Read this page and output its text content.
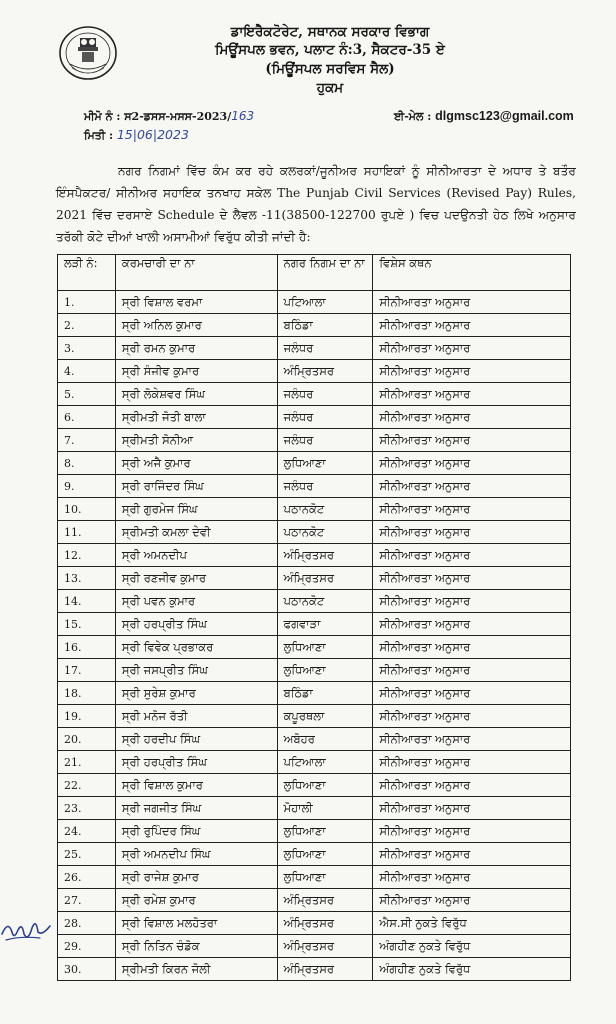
ਡਾਇਰੈਕਟੋਰੇਟ, ਸਥਾਨਕ ਸਰਕਾਰ ਵਿਭਾਗ
ਮਿਊਂਸਪਲ ਭਵਨ, ਪਲਾਟ ਨੰ:3, ਸੈਕਟਰ-35 ਏ
(ਮਿਊਂਸਪਲ ਸਰਵਿਸ ਸੈਲ)
ਹੁਕਮ
ਮੀਮੋ ਨੰ : ਸ2-ਡਸਸ-ਮਸਸ-2023/163
ਮਿਤੀ : 15|06|2023
ਈ-ਮੇਲ : dlgmsc123@gmail.com
ਨਗਰ ਨਿਗਮਾਂ ਵਿੱਚ ਕੰਮ ਕਰ ਰਹੇ ਕਲਰਕਾਂ/ਜੂਨੀਅਰ ਸਹਾਇਕਾਂ ਨੂੰ ਸੀਨੀਆਰਤਾ ਦੇ ਅਧਾਰ ਤੇ ਬਤੌਰ ਇੰਸਪੈਕਟਰ/ ਸੀਨੀਅਰ ਸਹਾਇਕ ਤਨਖਾਹ ਸਕੇਲ The Punjab Civil Services (Revised Pay) Rules, 2021 ਵਿੱਚ ਦਰਸਾਏ Schedule ਦੇ ਲੈਵਲ -11(38500-122700 ਰੁਪਏ ) ਵਿਚ ਪਦਉਨਤੀ ਹੇਠ ਲਿਖੇ ਅਨੁਸਾਰ ਤਰੱਕੀ ਕੋਟੇ ਦੀਆਂ ਖਾਲੀ ਅਸਾਮੀਆਂ ਵਿਰੁੱਧ ਕੀਤੀ ਜਾਂਦੀ ਹੈ:
ਲੜੀ ਨੰ:	ਕਰਮਚਾਰੀ ਦਾ ਨਾ	ਨਗਰ ਨਿਗਮ ਦਾ ਨਾ	ਵਿਸ਼ੇਸ ਕਥਨ
1.	ਸ੍ਰੀ ਵਿਸ਼ਾਲ ਵਰਮਾ	ਪਟਿਆਲਾ	ਸੀਨੀਆਰਤਾ ਅਨੁਸਾਰ
2.	ਸ੍ਰੀ ਅਨਿਲ ਕੁਮਾਰ	ਬਠਿੰਡਾ	ਸੀਨੀਆਰਤਾ ਅਨੁਸਾਰ
3.	ਸ੍ਰੀ ਰਮਨ ਕੁਮਾਰ	ਜਲੰਧਰ	ਸੀਨੀਆਰਤਾ ਅਨੁਸਾਰ
4.	ਸ੍ਰੀ ਸੰਜੀਵ ਕੁਮਾਰ	ਅੰਮ੍ਰਿਤਸਰ	ਸੀਨੀਆਰਤਾ ਅਨੁਸਾਰ
5.	ਸ੍ਰੀ ਲੋਕੇਸ਼ਵਰ ਸਿੰਘ	ਜਲੰਧਰ	ਸੀਨੀਆਰਤਾ ਅਨੁਸਾਰ
6.	ਸ੍ਰੀਮਤੀ ਜੋਤੀ ਬਾਲਾ	ਜਲੰਧਰ	ਸੀਨੀਆਰਤਾ ਅਨੁਸਾਰ
7.	ਸ੍ਰੀਮਤੀ ਸੋਨੀਆ	ਜਲੰਧਰ	ਸੀਨੀਆਰਤਾ ਅਨੁਸਾਰ
8.	ਸ੍ਰੀ ਅਜੈ ਕੁਮਾਰ	ਲੁਧਿਆਣਾ	ਸੀਨੀਆਰਤਾ ਅਨੁਸਾਰ
9.	ਸ੍ਰੀ ਰਾਜਿੰਦਰ ਸਿੰਘ	ਜਲੰਧਰ	ਸੀਨੀਆਰਤਾ ਅਨੁਸਾਰ
10.	ਸ੍ਰੀ ਗੁਰਮੇਜ ਸਿੰਘ	ਪਠਾਨਕੋਟ	ਸੀਨੀਆਰਤਾ ਅਨੁਸਾਰ
11.	ਸ੍ਰੀਮਤੀ ਕਮਲਾ ਦੇਵੀ	ਪਠਾਨਕੋਟ	ਸੀਨੀਆਰਤਾ ਅਨੁਸਾਰ
12.	ਸ੍ਰੀ ਅਮਨਦੀਪ	ਅੰਮ੍ਰਿਤਸਰ	ਸੀਨੀਆਰਤਾ ਅਨੁਸਾਰ
13.	ਸ੍ਰੀ ਰਣਜੀਵ ਕੁਮਾਰ	ਅੰਮ੍ਰਿਤਸਰ	ਸੀਨੀਆਰਤਾ ਅਨੁਸਾਰ
14.	ਸ੍ਰੀ ਪਵਨ ਕੁਮਾਰ	ਪਠਾਨਕੋਟ	ਸੀਨੀਆਰਤਾ ਅਨੁਸਾਰ
15.	ਸ੍ਰੀ ਹਰਪ੍ਰੀਤ ਸਿੰਘ	ਫਗਵਾੜਾ	ਸੀਨੀਆਰਤਾ ਅਨੁਸਾਰ
16.	ਸ੍ਰੀ ਵਿਵੇਕ ਪ੍ਰਭਾਕਰ	ਲੁਧਿਆਣਾ	ਸੀਨੀਆਰਤਾ ਅਨੁਸਾਰ
17.	ਸ੍ਰੀ ਜਸਪ੍ਰੀਤ ਸਿੰਘ	ਲੁਧਿਆਣਾ	ਸੀਨੀਆਰਤਾ ਅਨੁਸਾਰ
18.	ਸ੍ਰੀ ਸੁਰੇਸ਼ ਕੁਮਾਰ	ਬਠਿੰਡਾ	ਸੀਨੀਆਰਤਾ ਅਨੁਸਾਰ
19.	ਸ੍ਰੀ ਮਨੋਜ ਰੱਤੀ	ਕਪੂਰਥਲਾ	ਸੀਨੀਆਰਤਾ ਅਨੁਸਾਰ
20.	ਸ੍ਰੀ ਹਰਦੀਪ ਸਿੰਘ	ਅਬੋਹਰ	ਸੀਨੀਆਰਤਾ ਅਨੁਸਾਰ
21.	ਸ੍ਰੀ ਹਰਪ੍ਰੀਤ ਸਿੰਘ	ਪਟਿਆਲਾ	ਸੀਨੀਆਰਤਾ ਅਨੁਸਾਰ
22.	ਸ੍ਰੀ ਵਿਸ਼ਾਲ ਕੁਮਾਰ	ਲੁਧਿਆਣਾ	ਸੀਨੀਆਰਤਾ ਅਨੁਸਾਰ
23.	ਸ੍ਰੀ ਜਗਜੀਤ ਸਿੰਘ	ਮੋਹਾਲੀ	ਸੀਨੀਆਰਤਾ ਅਨੁਸਾਰ
24.	ਸ੍ਰੀ ਰੁਪਿੰਦਰ ਸਿੰਘ	ਲੁਧਿਆਣਾ	ਸੀਨੀਆਰਤਾ ਅਨੁਸਾਰ
25.	ਸ੍ਰੀ ਅਮਨਦੀਪ ਸਿੰਘ	ਲੁਧਿਆਣਾ	ਸੀਨੀਆਰਤਾ ਅਨੁਸਾਰ
26.	ਸ੍ਰੀ ਰਾਜੇਸ਼ ਕੁਮਾਰ	ਲੁਧਿਆਣਾ	ਸੀਨੀਆਰਤਾ ਅਨੁਸਾਰ
27.	ਸ੍ਰੀ ਰਮੇਸ਼ ਕੁਮਾਰ	ਅੰਮ੍ਰਿਤਸਰ	ਸੀਨੀਆਰਤਾ ਅਨੁਸਾਰ
28.	ਸ੍ਰੀ ਵਿਸ਼ਾਲ ਮਲਹੋਤਰਾ	ਅੰਮ੍ਰਿਤਸਰ	ਐਸ.ਸੀ ਨੁਕਤੇ ਵਿਰੁੱਧ
29.	ਸ੍ਰੀ ਨਿਤਿਨ ਚੰਡੋਕ	ਅੰਮ੍ਰਿਤਸਰ	ਅੰਗਹੀਣ ਨੁਕਤੇ ਵਿਰੁੱਧ
30.	ਸ੍ਰੀਮਤੀ ਕਿਰਨ ਜੋਲੀ	ਅੰਮ੍ਰਿਤਸਰ	ਅੰਗਹੀਣ ਨੁਕਤੇ ਵਿਰੁੱਧ
